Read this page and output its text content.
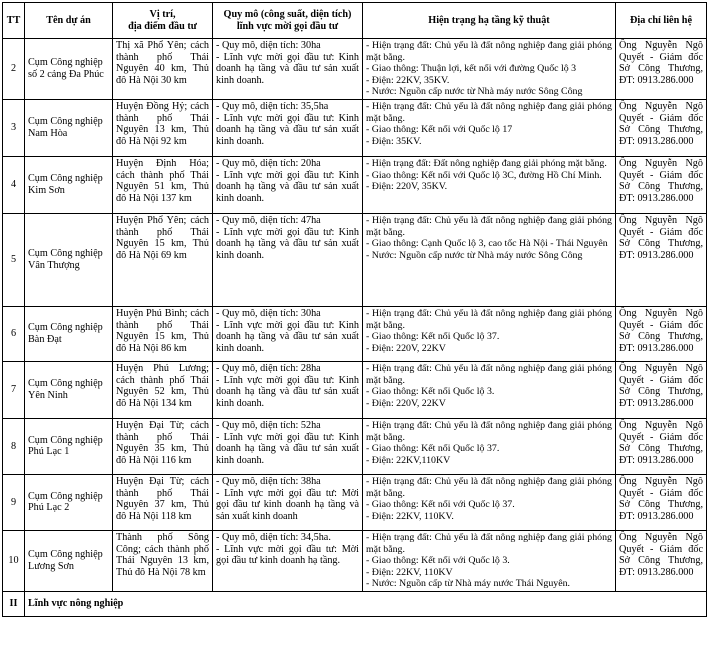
TT	Tên dự án	Vị trí,
địa điểm đầu tư	Quy mô (công suất, diện tích)
lĩnh vực mời gọi đầu tư	Hiện trạng hạ tầng kỹ thuật	Địa chỉ liên hệ
2	Cụm Công nghiệp số 2 cảng Đa Phúc	Thị xã Phổ Yên; cách thành phố Thái Nguyên 40 km, Thủ đô Hà Nội 30 km	- Quy mô, diện tích: 30ha
- Lĩnh vực mời gọi đầu tư: Kinh doanh hạ tầng và đầu tư sản xuất kinh doanh.	- Hiện trạng đất: Chủ yếu là đất nông nghiệp đang giải phóng mặt bằng.
- Giao thông: Thuận lợi, kết nối với đường Quốc lộ 3
- Điện: 22KV, 35KV.
- Nước: Nguồn cấp nước từ Nhà máy nước Sông Công	Ông Nguyễn Ngô Quyết - Giám đốc Sở Công Thương, ĐT: 0913.286.000
3	Cụm Công nghiệp Nam Hòa	Huyện Đồng Hỷ; cách thành phố Thái Nguyên 13 km, Thủ đô Hà Nội 92 km	- Quy mô, diện tích: 35,5ha
- Lĩnh vực mời gọi đầu tư: Kinh doanh hạ tầng và đầu tư sản xuất kinh doanh.	- Hiện trạng đất: Chủ yếu là đất nông nghiệp đang giải phóng mặt bằng.
- Giao thông: Kết nối với Quốc lộ 17
- Điện: 35KV.	Ông Nguyễn Ngô Quyết - Giám đốc Sở Công Thương, ĐT: 0913.286.000
4	Cụm Công nghiệp Kim Sơn	Huyện Định Hóa; cách thành phố Thái Nguyên 51 km, Thủ đô Hà Nội 137 km	- Quy mô, diện tích: 20ha
- Lĩnh vực mời gọi đầu tư: Kinh doanh hạ tầng và đầu tư sản xuất kinh doanh.	- Hiện trạng đất: Đất nông nghiệp đang giải phóng mặt bằng.
- Giao thông: Kết nối với Quốc lộ 3C, đường Hồ Chí Minh.
- Điện: 220V, 35KV.	Ông Nguyễn Ngô Quyết - Giám đốc Sở Công Thương, ĐT: 0913.286.000
5	Cụm Công nghiệp Vân Thượng	Huyện Phổ Yên; cách thành phố Thái Nguyên 15 km, Thủ đô Hà Nội 69 km	- Quy mô, diện tích: 47ha
- Lĩnh vực mời gọi đầu tư: Kinh doanh hạ tầng và đầu tư sản xuất kinh doanh.	- Hiện trạng đất: Chủ yếu là đất nông nghiệp đang giải phóng mặt bằng.
- Giao thông: Cạnh Quốc lộ 3, cao tốc Hà Nội - Thái Nguyên
- Nước: Nguồn cấp nước từ Nhà máy nước Sông Công	Ông Nguyễn Ngô Quyết - Giám đốc Sở Công Thương, ĐT: 0913.286.000
6	Cụm Công nghiệp Bàn Đạt	Huyện Phú Bình; cách thành phố Thái Nguyên 15 km, Thủ đô Hà Nội 86 km	- Quy mô, diện tích: 30ha
- Lĩnh vực mời gọi đầu tư: Kinh doanh hạ tầng và đầu tư sản xuất kinh doanh.	- Hiện trạng đất: Chủ yếu là đất nông nghiệp đang giải phóng mặt bằng.
- Giao thông: Kết nối Quốc lộ 37.
- Điện: 220V, 22KV	Ông Nguyễn Ngô Quyết - Giám đốc Sở Công Thương, ĐT: 0913.286.000
7	Cụm Công nghiệp Yên Ninh	Huyện Phú Lương; cách thành phố Thái Nguyên 52 km, Thủ đô Hà Nội 134 km	- Quy mô, diện tích: 28ha
- Lĩnh vực mời gọi đầu tư: Kinh doanh hạ tầng và đầu tư sản xuất kinh doanh.	- Hiện trạng đất: Chủ yếu là đất nông nghiệp đang giải phóng mặt bằng.
- Giao thông: Kết nối Quốc lộ 3.
- Điện: 220V, 22KV	Ông Nguyễn Ngô Quyết - Giám đốc Sở Công Thương, ĐT: 0913.286.000
8	Cụm Công nghiệp Phú Lạc 1	Huyện Đại Từ; cách thành phố Thái Nguyên 35 km, Thủ đô Hà Nội 116 km	- Quy mô, diện tích: 52ha
- Lĩnh vực mời gọi đầu tư: Kinh doanh hạ tầng và đầu tư sản xuất kinh doanh.	- Hiện trạng đất: Chủ yếu là đất nông nghiệp đang giải phóng mặt bằng.
- Giao thông: Kết nối Quốc lộ 37.
- Điện: 22KV,110KV	Ông Nguyễn Ngô Quyết - Giám đốc Sở Công Thương, ĐT: 0913.286.000
9	Cụm Công nghiệp Phú Lạc 2	Huyện Đại Từ; cách thành phố Thái Nguyên 37 km, Thủ đô Hà Nội 118 km	- Quy mô, diện tích: 38ha
- Lĩnh vực mời gọi đầu tư: Mời gọi đầu tư kinh doanh hạ tầng và sản xuất kinh doanh	- Hiện trạng đất: Chủ yếu là đất nông nghiệp đang giải phóng mặt bằng.
- Giao thông: Kết nối với Quốc lộ 37.
- Điện: 22KV, 110KV.	Ông Nguyễn Ngô Quyết - Giám đốc Sở Công Thương, ĐT: 0913.286.000
10	Cụm Công nghiệp Lương Sơn	Thành phố Sông Công; cách thành phố Thái Nguyên 13 km, Thủ đô Hà Nội 78 km	- Quy mô, diện tích: 34,5ha.
- Lĩnh vực mời gọi đầu tư: Mời gọi đầu tư kinh doanh hạ tầng.	- Hiện trạng đất: Chủ yếu là đất nông nghiệp đang giải phóng mặt bằng.
- Giao thông: Kết nối với Quốc lộ 3.
- Điện: 22KV, 110KV
- Nước: Nguồn cấp từ Nhà máy nước Thái Nguyên.	Ông Nguyễn Ngô Quyết - Giám đốc Sở Công Thương, ĐT: 0913.286.000
II	Lĩnh vực nông nghiệp				
